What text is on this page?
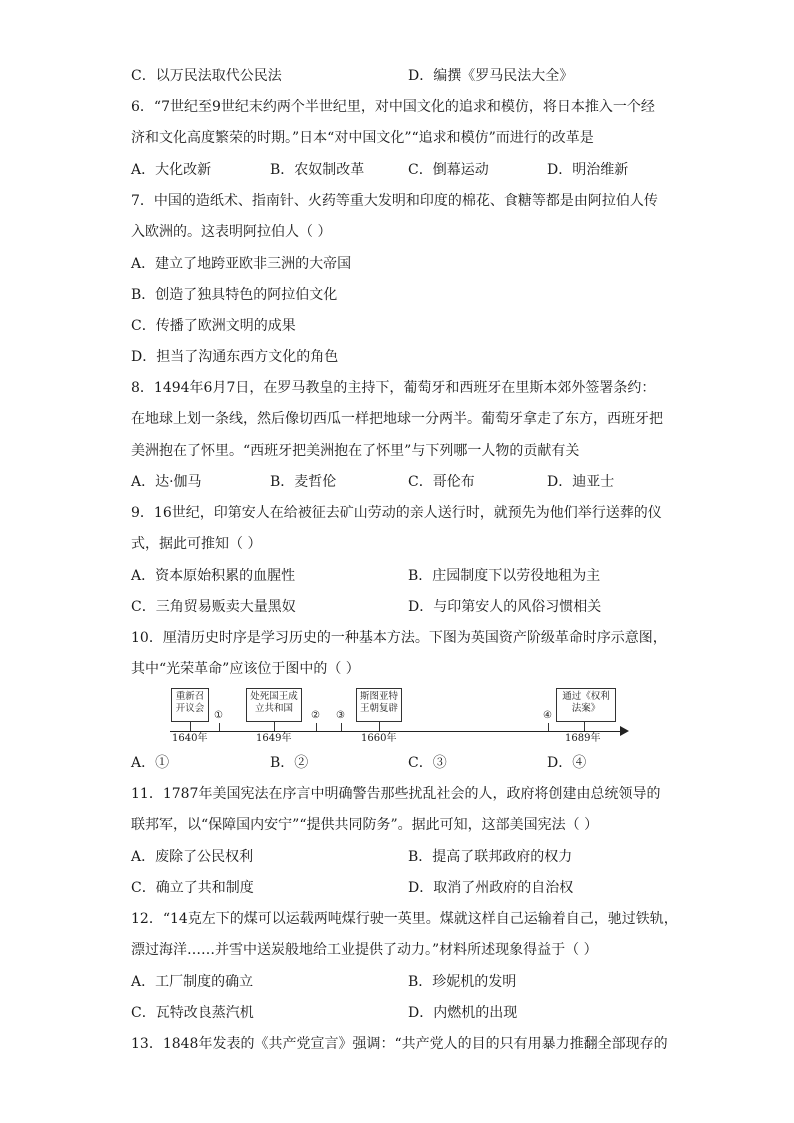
C．以万民法取代公民法	D．编撰《罗马民法大全》
6．“7世纪至9世纪末约两个半世纪里，对中国文化的追求和模仿，将日本推入一个经
济和文化高度繁荣的时期。”日本“对中国文化”“追求和模仿”而进行的改革是
A．大化改新	B．农奴制改革	C．倒幕运动	D．明治维新
7．中国的造纸术、指南针、火药等重大发明和印度的棉花、食糖等都是由阿拉伯人传
入欧洲的。这表明阿拉伯人（ ）
A．建立了地跨亚欧非三洲的大帝国
B．创造了独具特色的阿拉伯文化
C．传播了欧洲文明的成果
D．担当了沟通东西方文化的角色
8．1494年6月7日，在罗马教皇的主持下，葡萄牙和西班牙在里斯本郊外签署条约：
在地球上划一条线，然后像切西瓜一样把地球一分两半。葡萄牙拿走了东方，西班牙把
美洲抱在了怀里。“西班牙把美洲抱在了怀里”与下列哪一人物的贡献有关
A．达·伽马	B．麦哲伦	C．哥伦布	D．迪亚士
9．16世纪，印第安人在给被征去矿山劳动的亲人送行时，就预先为他们举行送葬的仪
式，据此可推知（ ）
A．资本原始积累的血腥性	B．庄园制度下以劳役地租为主
C．三角贸易贩卖大量黑奴	D．与印第安人的风俗习惯相关
10．厘清历史时序是学习历史的一种基本方法。下图为英国资产阶级革命时序示意图，
其中“光荣革命”应该位于图中的（ ）
重新召开议会
1640年
①
处死国王成立共和国
1649年
② ③
斯图亚特王朝复辟
1660年
④
通过《权利法案》
1689年
A．①	B．②	C．③	D．④
11．1787年美国宪法在序言中明确警告那些扰乱社会的人，政府将创建由总统领导的
联邦军，以“保障国内安宁”“提供共同防务”。据此可知，这部美国宪法（ ）
A．废除了公民权利	B．提高了联邦政府的权力
C．确立了共和制度	D．取消了州政府的自治权
12．“14克左下的煤可以运载两吨煤行驶一英里。煤就这样自己运输着自己，驰过铁轨，
漂过海洋……并雪中送炭般地给工业提供了动力。”材料所述现象得益于（ ）
A．工厂制度的确立	B．珍妮机的发明
C．瓦特改良蒸汽机	D．内燃机的出现
13．1848年发表的《共产党宣言》强调：“共产党人的目的只有用暴力推翻全部现存的
